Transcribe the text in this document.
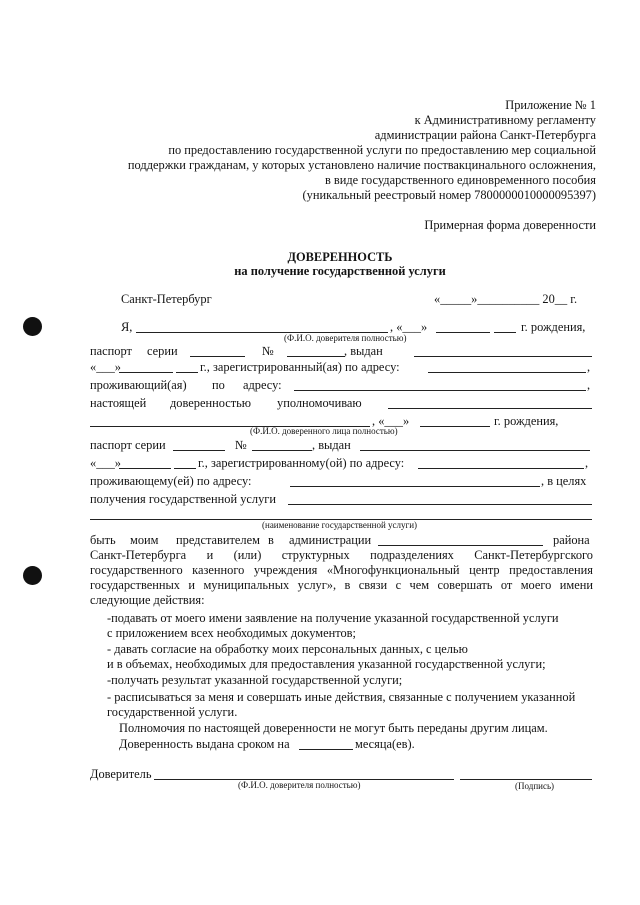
Приложение № 1
к Административному регламенту
администрации района Санкт-Петербурга
по предоставлению государственной услуги по предоставлению мер социальной
поддержки гражданам, у которых установлено наличие поствакцинального осложнения,
в виде государственного единовременного пособия
(уникальный реестровый номер 7800000010000095397)
Примерная форма доверенности
ДОВЕРЕННОСТЬ
на получение государственной услуги
Санкт-Петербург	«_____»__________ 20__ г.
Я,	, «___»	г. рождения,
(Ф.И.О. доверителя полностью)
паспорт серии	№	, выдан
«___»	г., зарегистрированный(ая) по адресу:	,
проживающий(ая) по адресу:	,
настоящей доверенностью уполномочиваю
, «___»	г. рождения,
(Ф.И.О. доверенного лица полностью)
паспорт серии	№	, выдан
«___»	г., зарегистрированному(ой) по адресу:	,
проживающему(ей) по адресу:	, в целях
получения государственной услуги
(наименование государственной услуги)
быть моим представителем в администрации	района
Санкт-Петербурга и (или) структурных подразделениях Санкт-Петербургского
государственного казенного учреждения «Многофункциональный центр предоставления
государственных и муниципальных услуг», в связи с чем совершать от моего имени
следующие действия:
-подавать от моего имени заявление на получение указанной государственной услуги
с приложением всех необходимых документов;
- давать согласие на обработку моих персональных данных, с целью
и в объемах, необходимых для предоставления указанной государственной услуги;
-получать результат указанной государственной услуги;
- расписываться за меня и совершать иные действия, связанные с получением указанной
государственной услуги.
Полномочия по настоящей доверенности не могут быть переданы другим лицам.
Доверенность выдана сроком на	месяца(ев).
Доверитель
(Ф.И.О. доверителя полностью)	(Подпись)
